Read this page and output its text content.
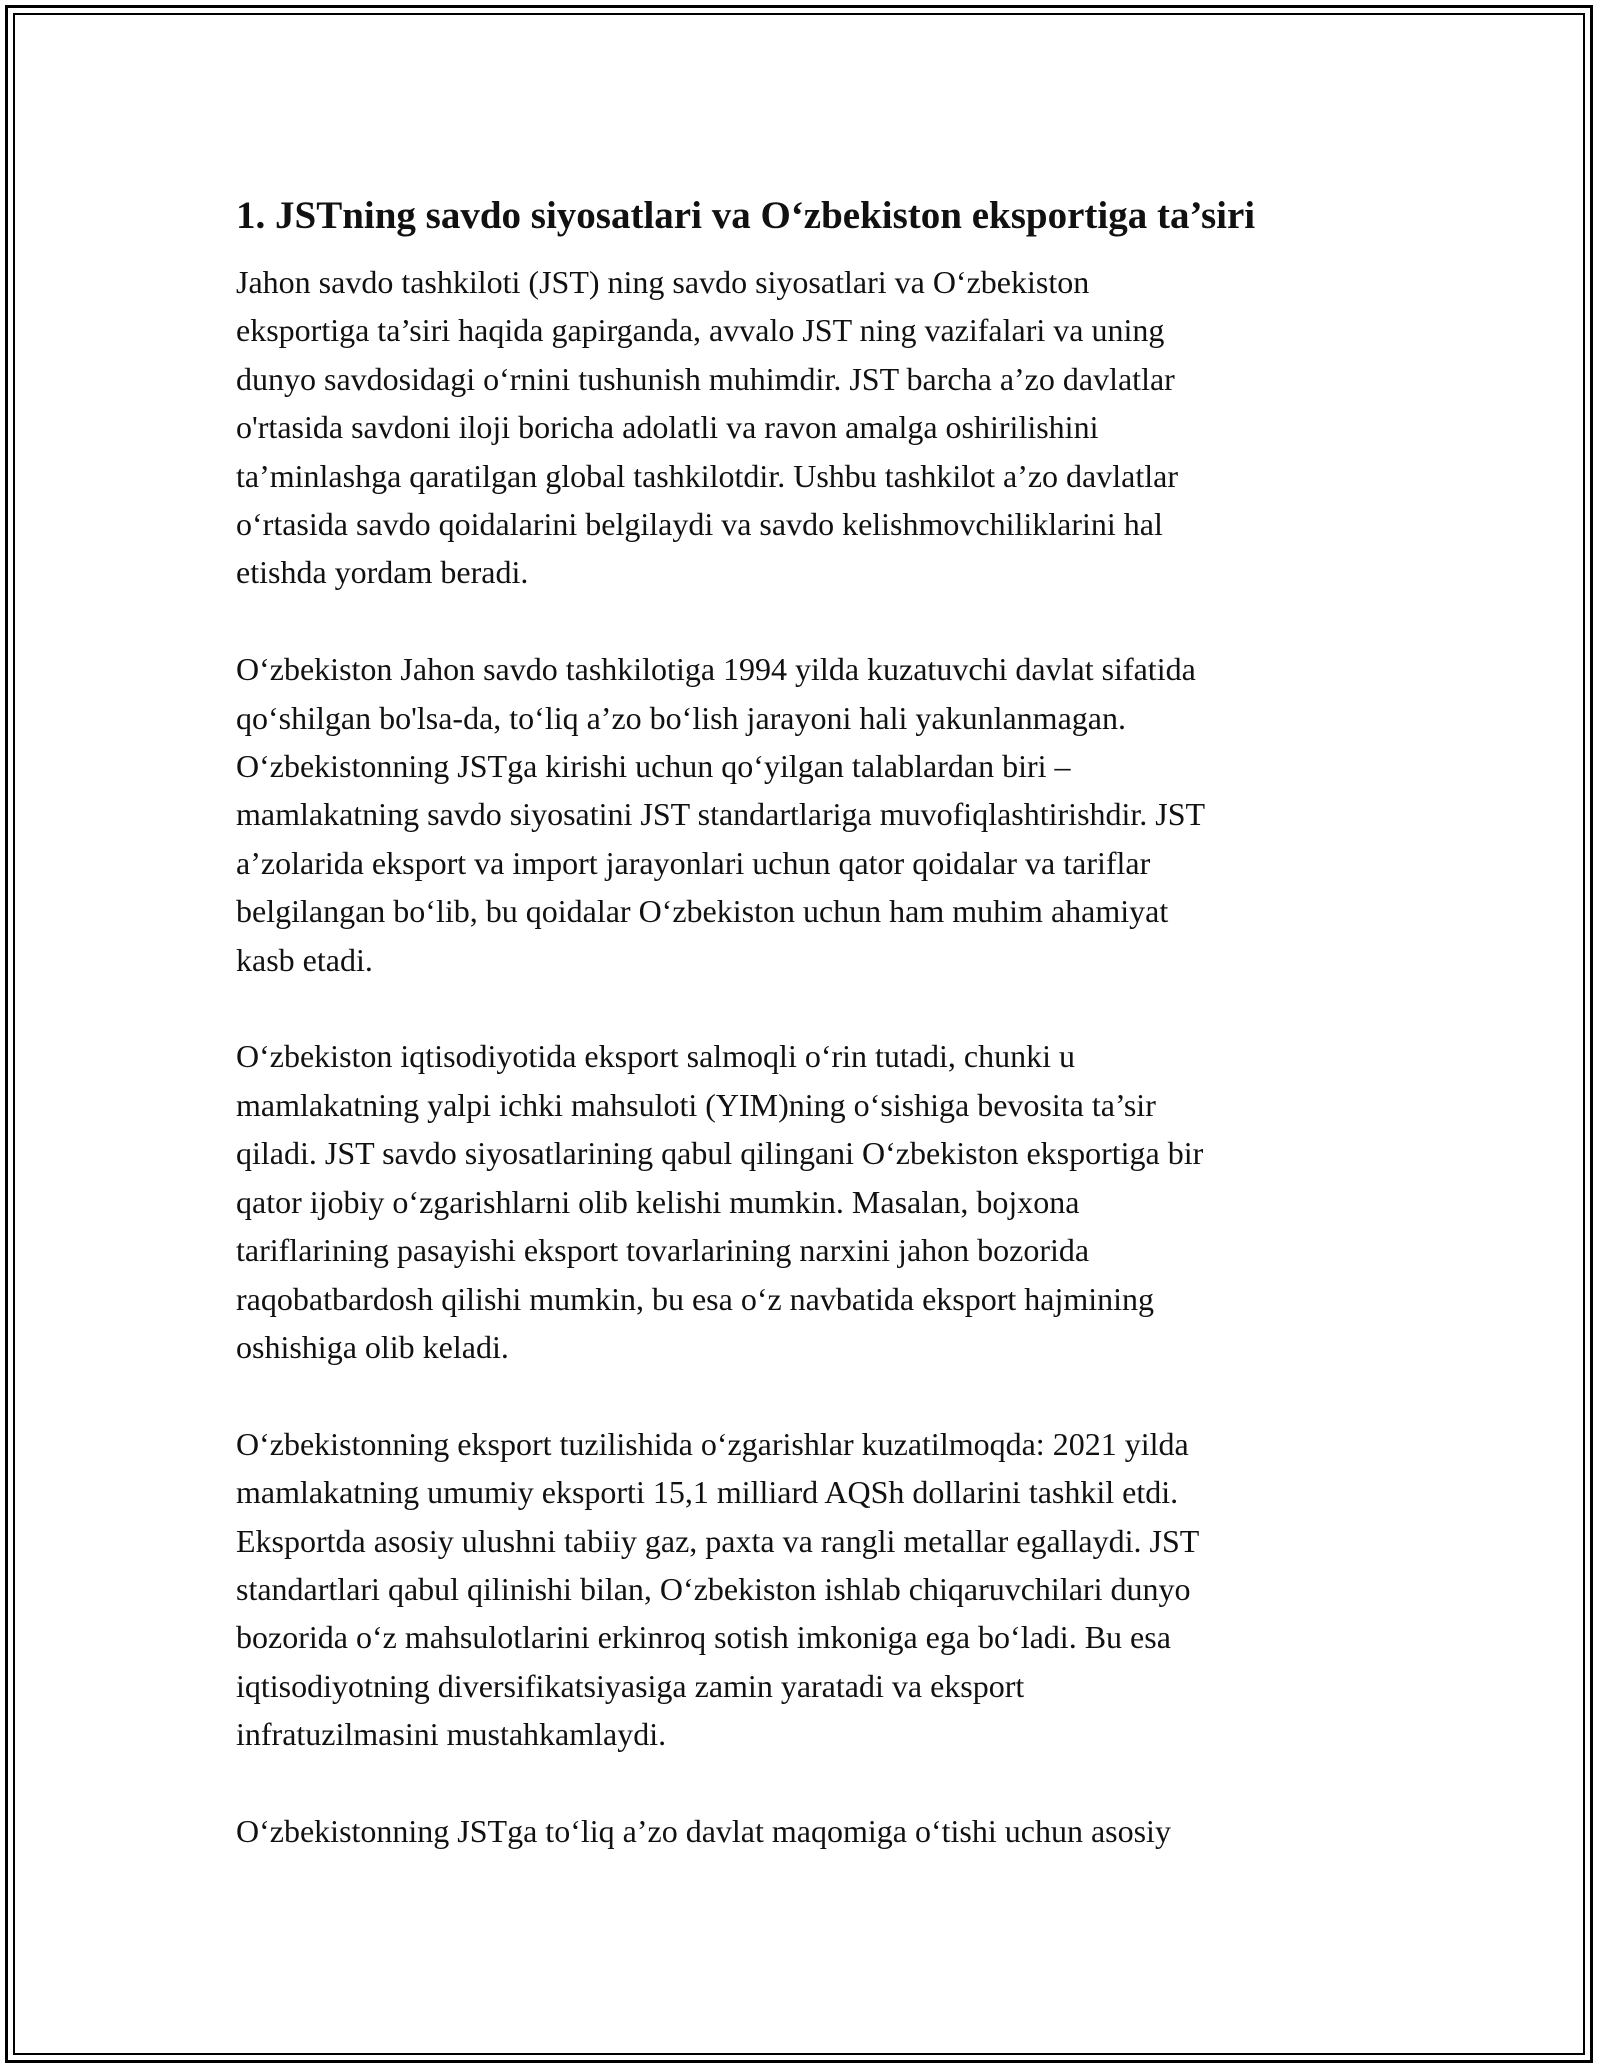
1. JSTning savdo siyosatlari va O‘zbekiston eksportiga ta’siri

Jahon savdo tashkiloti (JST) ning savdo siyosatlari va O‘zbekiston
eksportiga ta’siri haqida gapirganda, avvalo JST ning vazifalari va uning
dunyo savdosidagi o‘rnini tushunish muhimdir. JST barcha a’zo davlatlar
o'rtasida savdoni iloji boricha adolatli va ravon amalga oshirilishini
ta’minlashga qaratilgan global tashkilotdir. Ushbu tashkilot a’zo davlatlar
o‘rtasida savdo qoidalarini belgilaydi va savdo kelishmovchiliklarini hal
etishda yordam beradi.

O‘zbekiston Jahon savdo tashkilotiga 1994 yilda kuzatuvchi davlat sifatida
qo‘shilgan bo'lsa-da, to‘liq a’zo bo‘lish jarayoni hali yakunlanmagan.
O‘zbekistonning JSTga kirishi uchun qo‘yilgan talablardan biri –
mamlakatning savdo siyosatini JST standartlariga muvofiqlashtirishdir. JST
a’zolarida eksport va import jarayonlari uchun qator qoidalar va tariflar
belgilangan bo‘lib, bu qoidalar O‘zbekiston uchun ham muhim ahamiyat
kasb etadi.

O‘zbekiston iqtisodiyotida eksport salmoqli o‘rin tutadi, chunki u
mamlakatning yalpi ichki mahsuloti (YIM)ning o‘sishiga bevosita ta’sir
qiladi. JST savdo siyosatlarining qabul qilingani O‘zbekiston eksportiga bir
qator ijobiy o‘zgarishlarni olib kelishi mumkin. Masalan, bojxona
tariflarining pasayishi eksport tovarlarining narxini jahon bozorida
raqobatbardosh qilishi mumkin, bu esa o‘z navbatida eksport hajmining
oshishiga olib keladi.

O‘zbekistonning eksport tuzilishida o‘zgarishlar kuzatilmoqda: 2021 yilda
mamlakatning umumiy eksporti 15,1 milliard AQSh dollarini tashkil etdi.
Eksportda asosiy ulushni tabiiy gaz, paxta va rangli metallar egallaydi. JST
standartlari qabul qilinishi bilan, O‘zbekiston ishlab chiqaruvchilari dunyo
bozorida o‘z mahsulotlarini erkinroq sotish imkoniga ega bo‘ladi. Bu esa
iqtisodiyotning diversifikatsiyasiga zamin yaratadi va eksport
infratuzilmasini mustahkamlaydi.

O‘zbekistonning JSTga to‘liq a’zo davlat maqomiga o‘tishi uchun asosiy
